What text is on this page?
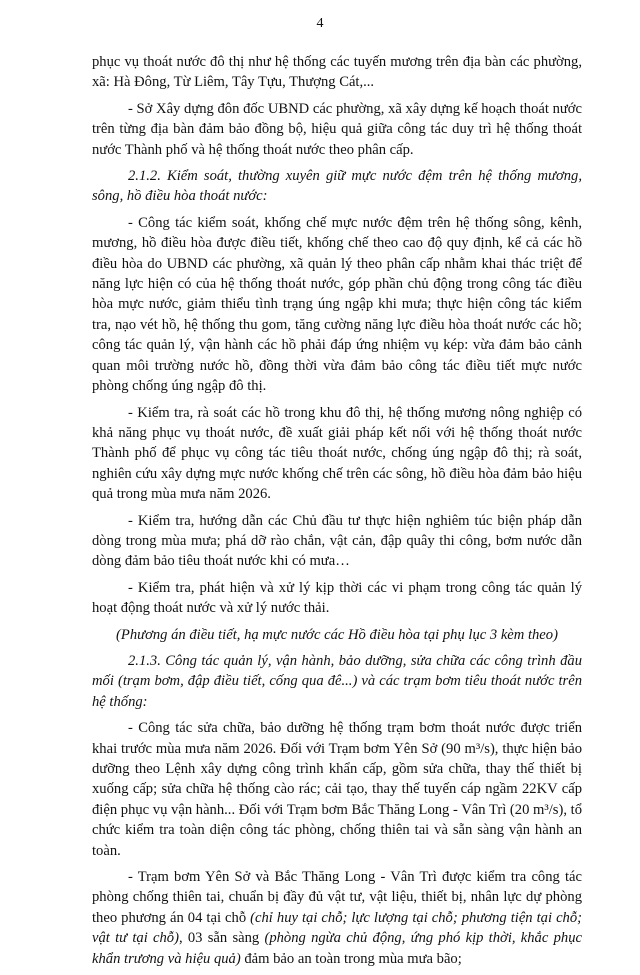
4

phục vụ thoát nước đô thị như hệ thống các tuyến mương trên địa bàn các phường, xã: Hà Đông, Từ Liêm, Tây Tựu, Thượng Cát,...

- Sở Xây dựng đôn đốc UBND các phường, xã xây dựng kế hoạch thoát nước trên từng địa bàn đảm bảo đồng bộ, hiệu quả giữa công tác duy trì hệ thống thoát nước Thành phố và hệ thống thoát nước theo phân cấp.

2.1.2. Kiểm soát, thường xuyên giữ mực nước đệm trên hệ thống mương, sông, hồ điều hòa thoát nước:

- Công tác kiểm soát, khống chế mực nước đệm trên hệ thống sông, kênh, mương, hồ điều hòa được điều tiết, khống chế theo cao độ quy định, kể cả các hồ điều hòa do UBND các phường, xã quản lý theo phân cấp nhằm khai thác triệt để năng lực hiện có của hệ thống thoát nước, góp phần chủ động trong công tác điều hòa mực nước, giảm thiểu tình trạng úng ngập khi mưa; thực hiện công tác kiểm tra, nạo vét hồ, hệ thống thu gom, tăng cường năng lực điều hòa thoát nước các hồ; công tác quản lý, vận hành các hồ phải đáp ứng nhiệm vụ kép: vừa đảm bảo cảnh quan môi trường nước hồ, đồng thời vừa đảm bảo công tác điều tiết mực nước phòng chống úng ngập đô thị.

- Kiểm tra, rà soát các hồ trong khu đô thị, hệ thống mương nông nghiệp có khả năng phục vụ thoát nước, đề xuất giải pháp kết nối với hệ thống thoát nước Thành phố để phục vụ công tác tiêu thoát nước, chống úng ngập đô thị; rà soát, nghiên cứu xây dựng mực nước khống chế trên các sông, hồ điều hòa đảm bảo hiệu quả trong mùa mưa năm 2026.

- Kiểm tra, hướng dẫn các Chủ đầu tư thực hiện nghiêm túc biện pháp dẫn dòng trong mùa mưa; phá dỡ rào chắn, vật cản, đập quây thi công, bơm nước dẫn dòng đảm bảo tiêu thoát nước khi có mưa…

- Kiểm tra, phát hiện và xử lý kịp thời các vi phạm trong công tác quản lý hoạt động thoát nước và xử lý nước thải.

(Phương án điều tiết, hạ mực nước các Hồ điều hòa tại phụ lục 3 kèm theo)

2.1.3. Công tác quản lý, vận hành, bảo dưỡng, sửa chữa các công trình đầu mối (trạm bơm, đập điều tiết, cống qua đê...) và các trạm bơm tiêu thoát nước trên hệ thống:

- Công tác sửa chữa, bảo dưỡng hệ thống trạm bơm thoát nước được triển khai trước mùa mưa năm 2026. Đối với Trạm bơm Yên Sở (90 m³/s), thực hiện bảo dưỡng theo Lệnh xây dựng công trình khẩn cấp, gồm sửa chữa, thay thế thiết bị xuống cấp; sửa chữa hệ thống cào rác; cải tạo, thay thế tuyến cáp ngầm 22KV cấp điện phục vụ vận hành... Đối với Trạm bơm Bắc Thăng Long - Vân Trì (20 m³/s), tổ chức kiểm tra toàn diện công tác phòng, chống thiên tai và sẵn sàng vận hành an toàn.

- Trạm bơm Yên Sở và Bắc Thăng Long - Vân Trì được kiểm tra công tác phòng chống thiên tai, chuẩn bị đầy đủ vật tư, vật liệu, thiết bị, nhân lực dự phòng theo phương án 04 tại chỗ (chỉ huy tại chỗ; lực lượng tại chỗ; phương tiện tại chỗ; vật tư tại chỗ), 03 sẵn sàng (phòng ngừa chủ động, ứng phó kịp thời, khắc phục khẩn trương và hiệu quả) đảm bảo an toàn trong mùa mưa bão;
